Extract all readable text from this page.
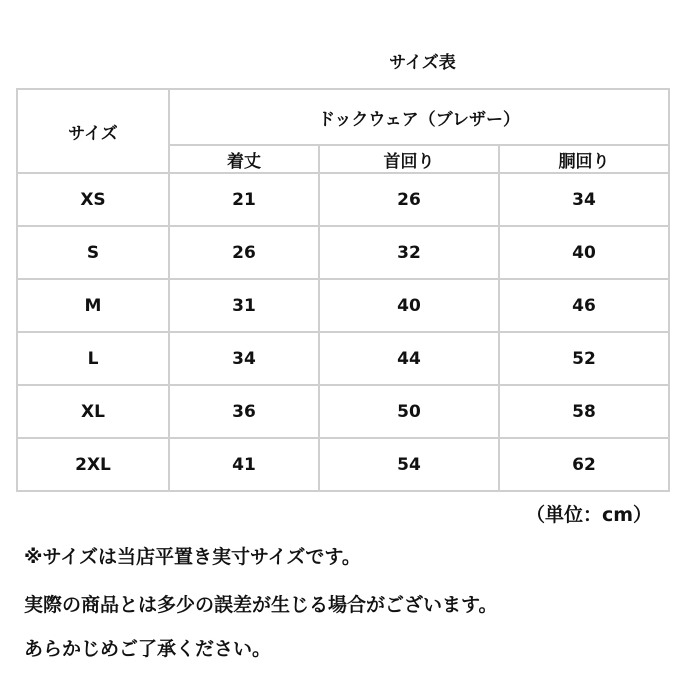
サイズ表
サイズ	ドックウェア（ブレザー）		
	着丈	首回り	胴回り
XS	21	26	34
S	26	32	40
M	31	40	46
L	34	44	52
XL	36	50	58
2XL	41	54	62
（単位：cm）
※サイズは当店平置き実寸サイズです。
実際の商品とは多少の誤差が生じる場合がございます。
あらかじめご了承ください。
